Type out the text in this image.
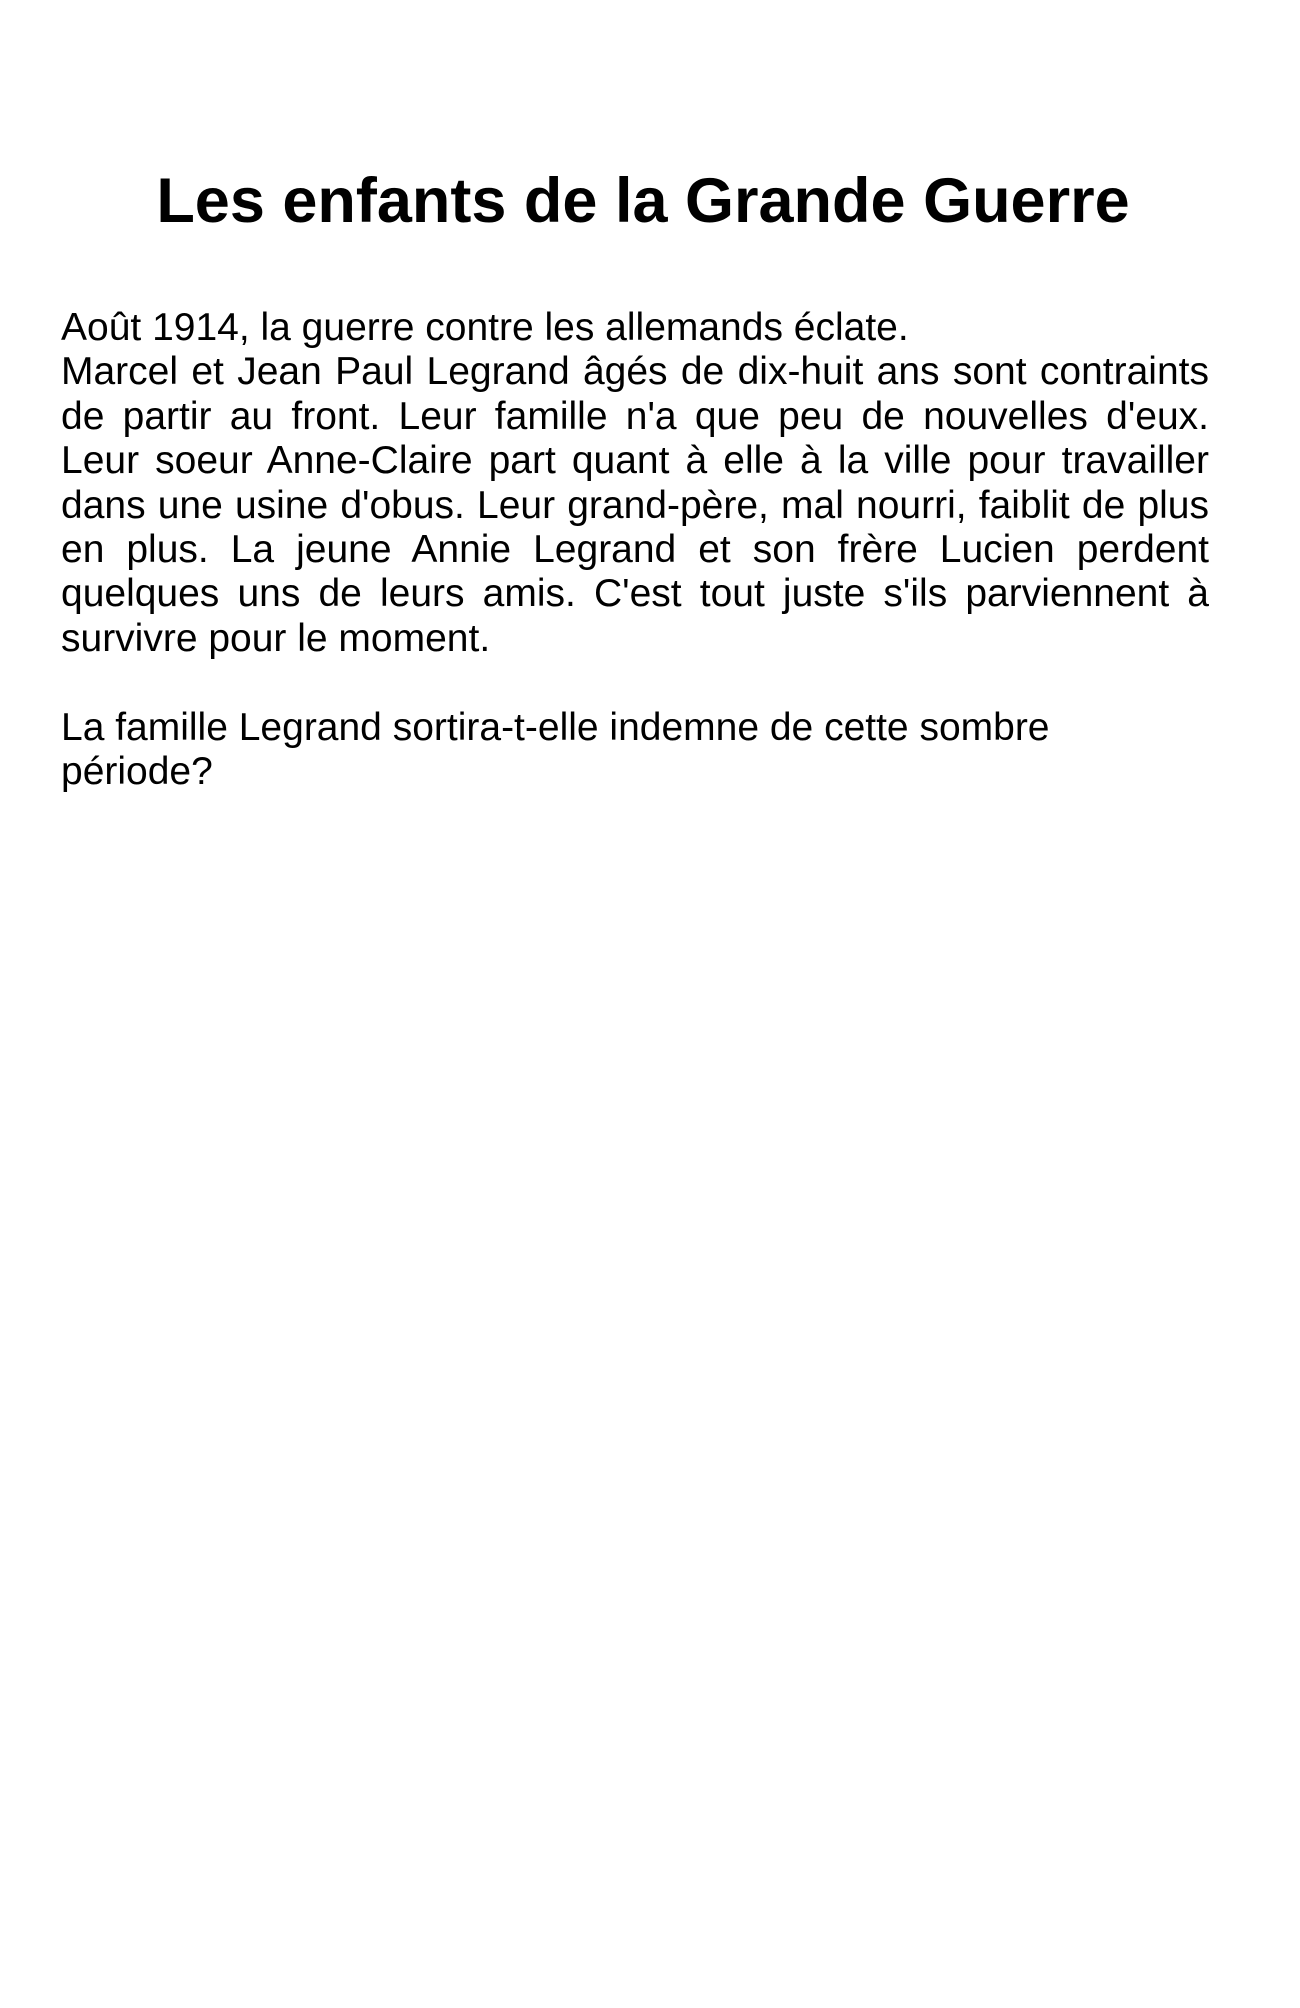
Les enfants de la Grande Guerre
Août 1914, la guerre contre les allemands éclate.
Marcel et Jean Paul Legrand âgés de dix-huit ans sont contraints
de partir au front. Leur famille n'a que peu de nouvelles d'eux.
Leur soeur Anne-Claire part quant à elle à la ville pour travailler
dans une usine d'obus. Leur grand-père, mal nourri, faiblit de plus
en plus. La jeune Annie Legrand et son frère Lucien perdent
quelques uns de leurs amis. C'est tout juste s'ils parviennent à
survivre pour le moment.
La famille Legrand sortira-t-elle indemne de cette sombre période?
